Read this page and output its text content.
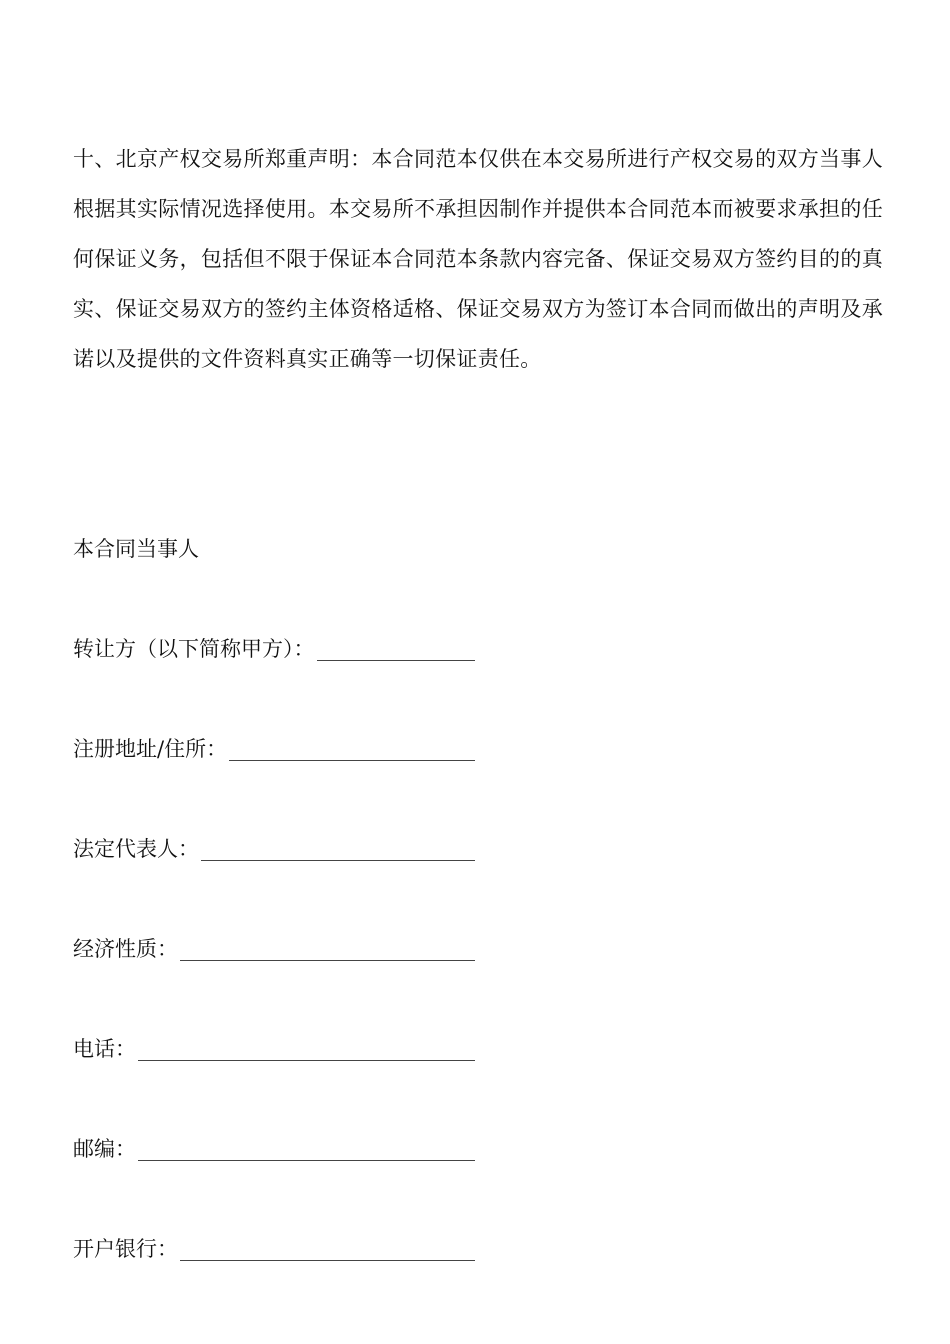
十、北京产权交易所郑重声明：本合同范本仅供在本交易所进行产权交易的双方当事人根据其实际情况选择使用。本交易所不承担因制作并提供本合同范本而被要求承担的任何保证义务，包括但不限于保证本合同范本条款内容完备、保证交易双方签约目的的真实、保证交易双方的签约主体资格适格、保证交易双方为签订本合同而做出的声明及承诺以及提供的文件资料真实正确等一切保证责任。

本合同当事人

转让方（以下简称甲方）：
注册地址/住所：
法定代表人：
经济性质：
电话：
邮编：
开户银行：
